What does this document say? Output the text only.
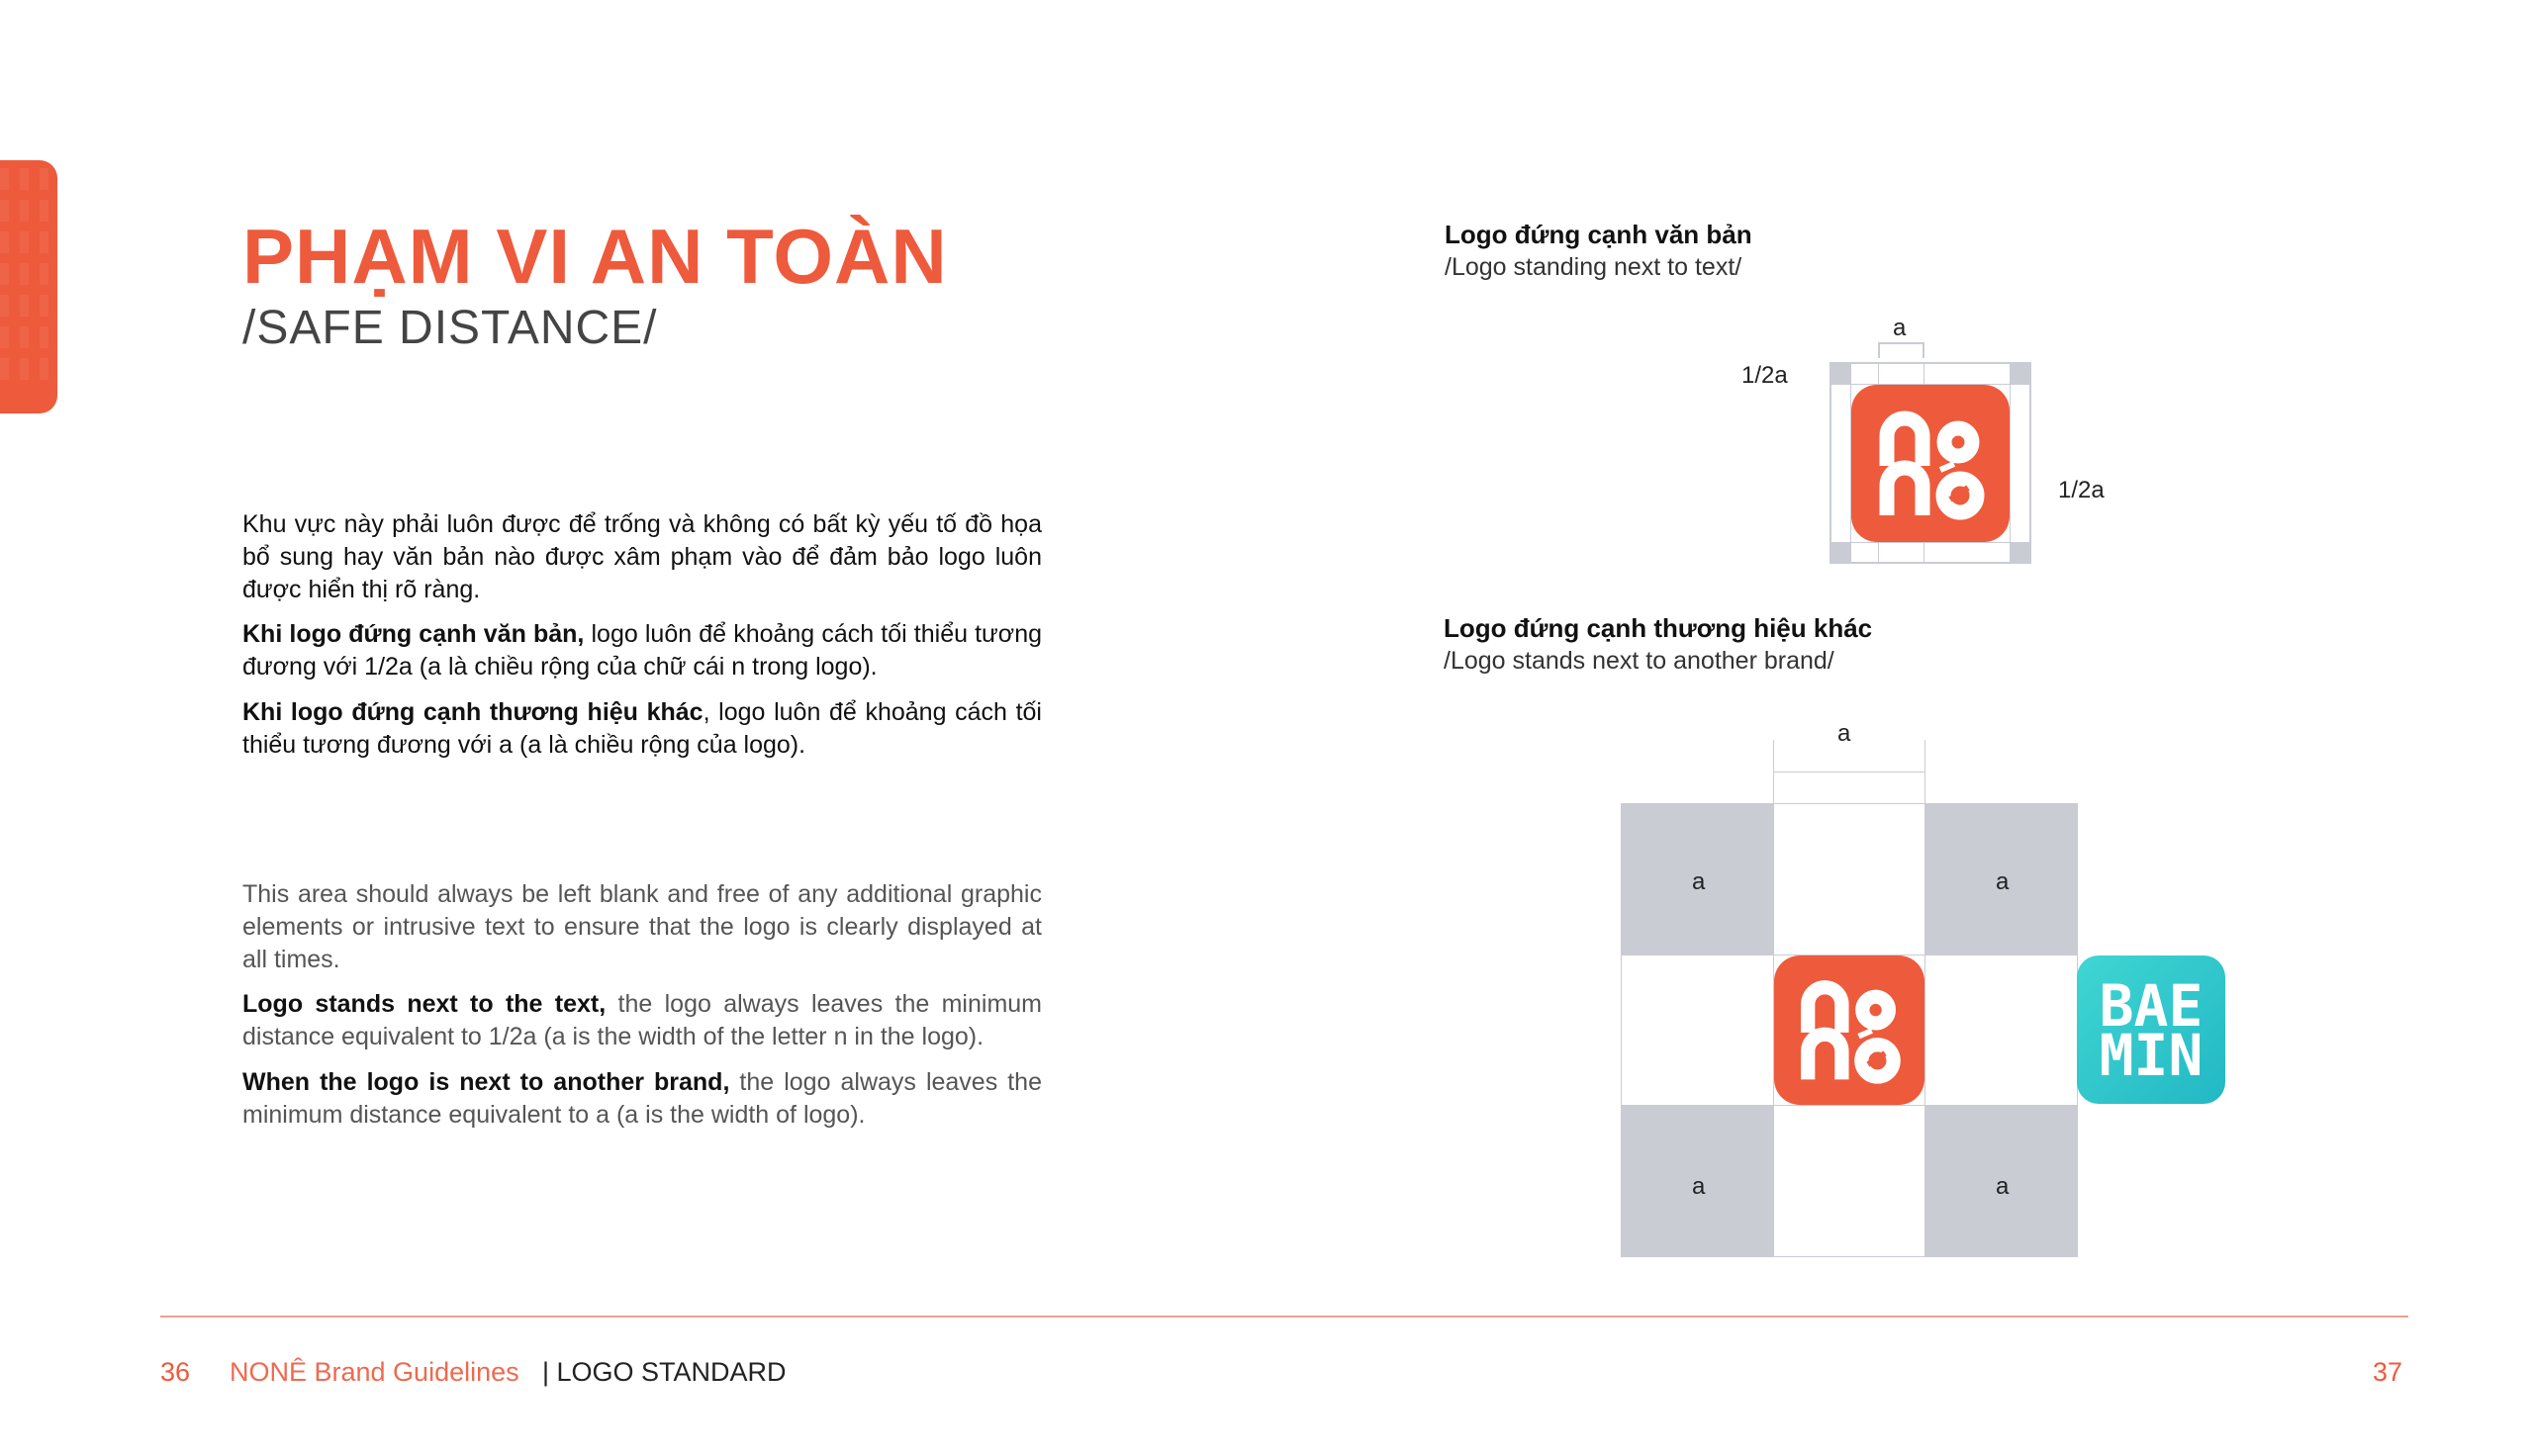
PHẠM VI AN TOÀN
/SAFE DISTANCE/
Khu vực này phải luôn được để trống và không có bất kỳ yếu tố đồ họa bổ sung hay văn bản nào được xâm phạm vào để đảm bảo logo luôn được hiển thị rõ ràng.
Khi logo đứng cạnh văn bản, logo luôn để khoảng cách tối thiểu tương đương với 1/2a (a là chiều rộng của chữ cái n trong logo).
Khi logo đứng cạnh thương hiệu khác, logo luôn để khoảng cách tối thiểu tương đương với a (a là chiều rộng của logo).
This area should always be left blank and free of any additional graphic elements or intrusive text to ensure that the logo is clearly displayed at all times.
Logo stands next to the text, the logo always leaves the minimum distance equivalent to 1/2a (a is the width of the letter n in the logo).
When the logo is next to another brand, the logo always leaves the minimum distance equivalent to a (a is the width of logo).
Logo đứng cạnh văn bản
/Logo standing next to text/
a
1/2a
1/2a
Logo đứng cạnh thương hiệu khác
/Logo stands next to another brand/
a
a	a
a	a
BAE
MIN
36 NONÊ Brand Guidelines | LOGO STANDARD	37
